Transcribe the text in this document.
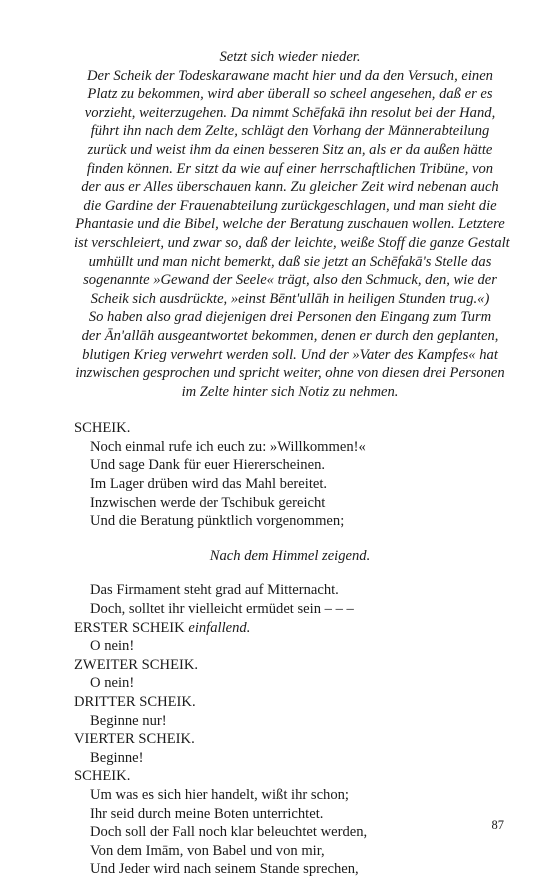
Setzt sich wieder nieder.
Der Scheik der Todeskarawane macht hier und da den Versuch, einen
Platz zu bekommen, wird aber überall so scheel angesehen, daß er es
vorzieht, weiterzugehen. Da nimmt Schēfakā ihn resolut bei der Hand,
führt ihn nach dem Zelte, schlägt den Vorhang der Männerabteilung
zurück und weist ihm da einen besseren Sitz an, als er da außen hätte
finden können. Er sitzt da wie auf einer herrschaftlichen Tribüne, von
der aus er Alles überschauen kann. Zu gleicher Zeit wird nebenan auch
die Gardine der Frauenabteilung zurückgeschlagen, und man sieht die
Phantasie und die Bibel, welche der Beratung zuschauen wollen. Letztere
ist verschleiert, und zwar so, daß der leichte, weiße Stoff die ganze Gestalt
umhüllt und man nicht bemerkt, daß sie jetzt an Schēfakā's Stelle das
sogenannte »Gewand der Seele« trägt, also den Schmuck, den, wie der
Scheik sich ausdrückte, »einst Bēnt'ullāh in heiligen Stunden trug.«)
So haben also grad diejenigen drei Personen den Eingang zum Turm
der Ān'allāh ausgeantwortet bekommen, denen er durch den geplanten,
blutigen Krieg verwehrt werden soll. Und der »Vater des Kampfes« hat
inzwischen gesprochen und spricht weiter, ohne von diesen drei Personen
im Zelte hinter sich Notiz zu nehmen.

SCHEIK.
Noch einmal rufe ich euch zu: »Willkommen!«
Und sage Dank für euer Hiererscheinen.
Im Lager drüben wird das Mahl bereitet.
Inzwischen werde der Tschibuk gereicht
Und die Beratung pünktlich vorgenommen;
Nach dem Himmel zeigend.
Das Firmament steht grad auf Mitternacht.
Doch, solltet ihr vielleicht ermüdet sein – – –
ERSTER SCHEIK einfallend.
O nein!
ZWEITER SCHEIK.
O nein!
DRITTER SCHEIK.
Beginne nur!
VIERTER SCHEIK.
Beginne!
SCHEIK.
Um was es sich hier handelt, wißt ihr schon;
Ihr seid durch meine Boten unterrichtet.
Doch soll der Fall noch klar beleuchtet werden,
Von dem Imām, von Babel und von mir,
Und Jeder wird nach seinem Stande sprechen,
87
